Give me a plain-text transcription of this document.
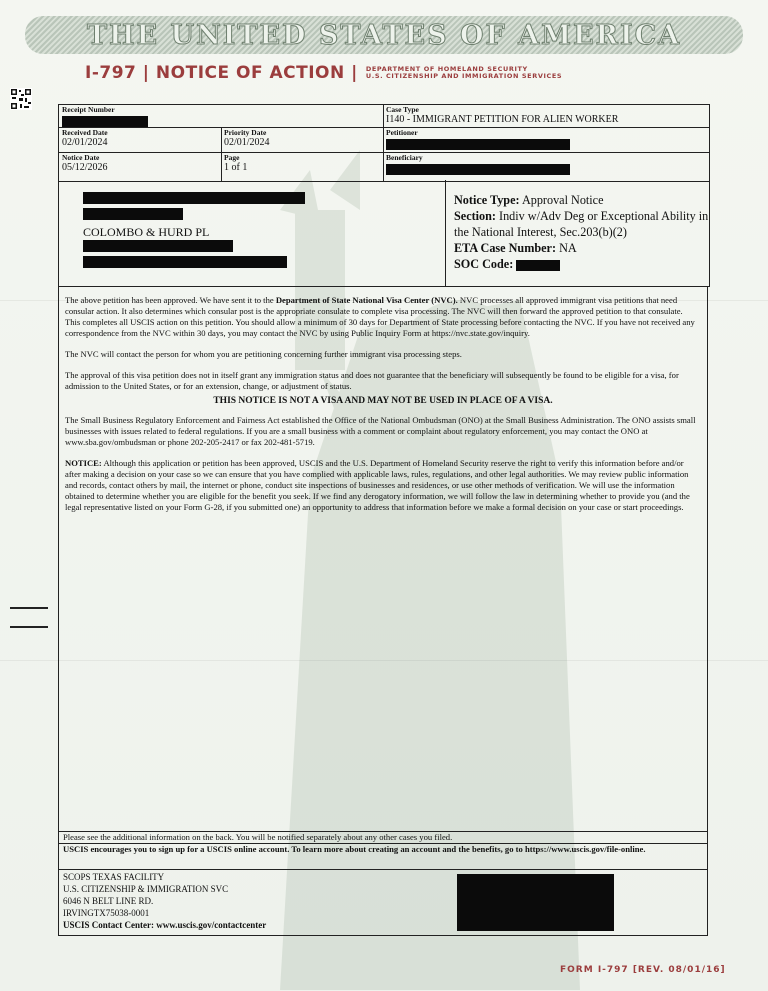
THE UNITED STATES OF AMERICA
I-797 | NOTICE OF ACTION | DEPARTMENT OF HOMELAND SECURITY
U.S. CITIZENSHIP AND IMMIGRATION SERVICES
Receipt Number	Case Type
I140 - IMMIGRANT PETITION FOR ALIEN WORKER
Received Date
02/01/2024
Priority Date
02/01/2024
Petitioner
Notice Date
05/12/2026
Page
1 of 1
Beneficiary
COLOMBO & HURD PL
Notice Type: Approval Notice
Section: Indiv w/Adv Deg or Exceptional Ability in the National Interest, Sec.203(b)(2)
ETA Case Number: NA
SOC Code:

The above petition has been approved. We have sent it to the Department of State National Visa Center (NVC). NVC processes all approved immigrant visa petitions that need consular action. It also determines which consular post is the appropriate consulate to complete visa processing. The NVC will then forward the approved petition to that consulate.
This completes all USCIS action on this petition. You should allow a minimum of 30 days for Department of State processing before contacting the NVC. If you have not received any correspondence from the NVC within 30 days, you may contact the NVC by using Public Inquiry Form at https://nvc.state.gov/inquiry.

The NVC will contact the person for whom you are petitioning concerning further immigrant visa processing steps.

The approval of this visa petition does not in itself grant any immigration status and does not guarantee that the beneficiary will subsequently be found to be eligible for a visa, for admission to the United States, or for an extension, change, or adjustment of status.

THIS NOTICE IS NOT A VISA AND MAY NOT BE USED IN PLACE OF A VISA.

The Small Business Regulatory Enforcement and Fairness Act established the Office of the National Ombudsman (ONO) at the Small Business Administration. The ONO assists small businesses with issues related to federal regulations. If you are a small business with a comment or complaint about regulatory enforcement, you may contact the ONO at www.sba.gov/ombudsman or phone 202-205-2417 or fax 202-481-5719.

NOTICE: Although this application or petition has been approved, USCIS and the U.S. Department of Homeland Security reserve the right to verify this information before and/or after making a decision on your case so we can ensure that you have complied with applicable laws, rules, regulations, and other legal authorities. We may review public information and records, contact others by mail, the internet or phone, conduct site inspections of businesses and residences, or use other methods of verification. We will use the information obtained to determine whether you are eligible for the benefit you seek. If we find any derogatory information, we will follow the law in determining whether to provide you (and the legal representative listed on your Form G-28, if you submitted one) an opportunity to address that information before we make a formal decision on your case or start proceedings.

Please see the additional information on the back. You will be notified separately about any other cases you filed.
USCIS encourages you to sign up for a USCIS online account. To learn more about creating an account and the benefits, go to https://www.uscis.gov/file-online.
SCOPS TEXAS FACILITY
U.S. CITIZENSHIP & IMMIGRATION SVC
6046 N BELT LINE RD.
IRVINGTX75038-0001
USCIS Contact Center: www.uscis.gov/contactcenter
FORM I-797 [REV. 08/01/16]
